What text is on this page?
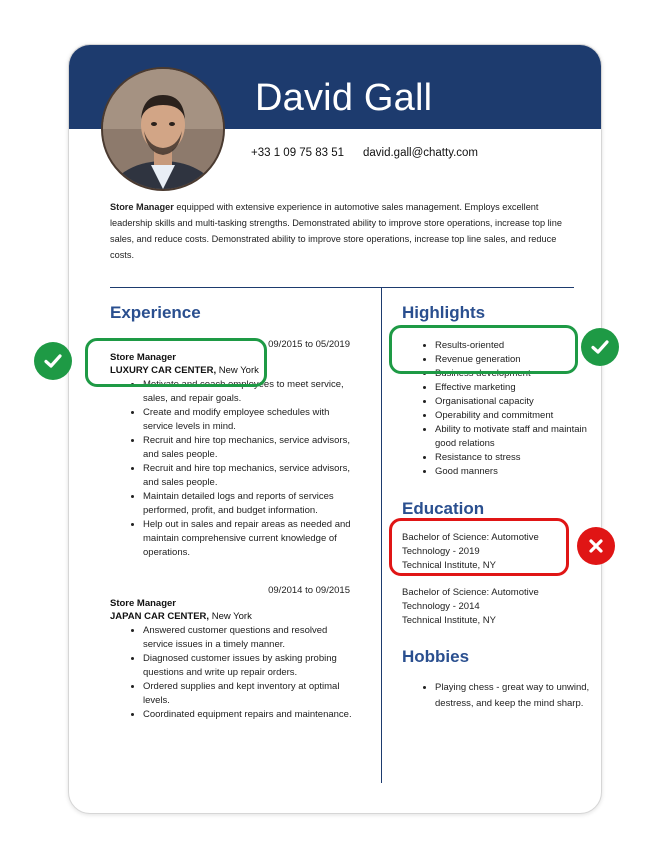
David Gall
+33 1 09 75 83 51 david.gall@chatty.com
Store Manager equipped with extensive experience in automotive sales management. Employs excellent leadership skills and multi-tasking strengths. Demonstrated ability to improve store operations, increase top line sales, and reduce costs. Demonstrated ability to improve store operations, increase top line sales, and reduce costs.
Experience
09/2015 to 05/2019
Store Manager
LUXURY CAR CENTER, New York
• Motivate and coach employees to meet service, sales, and repair goals.
• Create and modify employee schedules with service levels in mind.
• Recruit and hire top mechanics, service advisors, and sales people.
• Recruit and hire top mechanics, service advisors, and sales people.
• Maintain detailed logs and reports of services performed, profit, and budget information.
• Help out in sales and repair areas as needed and maintain comprehensive current knowledge of operations.
09/2014 to 09/2015
Store Manager
JAPAN CAR CENTER, New York
• Answered customer questions and resolved service issues in a timely manner.
• Diagnosed customer issues by asking probing questions and write up repair orders.
• Ordered supplies and kept inventory at optimal levels.
• Coordinated equipment repairs and maintenance.
Highlights
• Results-oriented
• Revenue generation
• Business development
• Effective marketing
• Organisational capacity
• Operability and commitment
• Ability to motivate staff and maintain good relations
• Resistance to stress
• Good manners
Education
Bachelor of Science: Automotive Technology - 2019
Technical Institute, NY
Bachelor of Science: Automotive Technology - 2014
Technical Institute, NY
Hobbies
• Playing chess - great way to unwind, destress, and keep the mind sharp.
